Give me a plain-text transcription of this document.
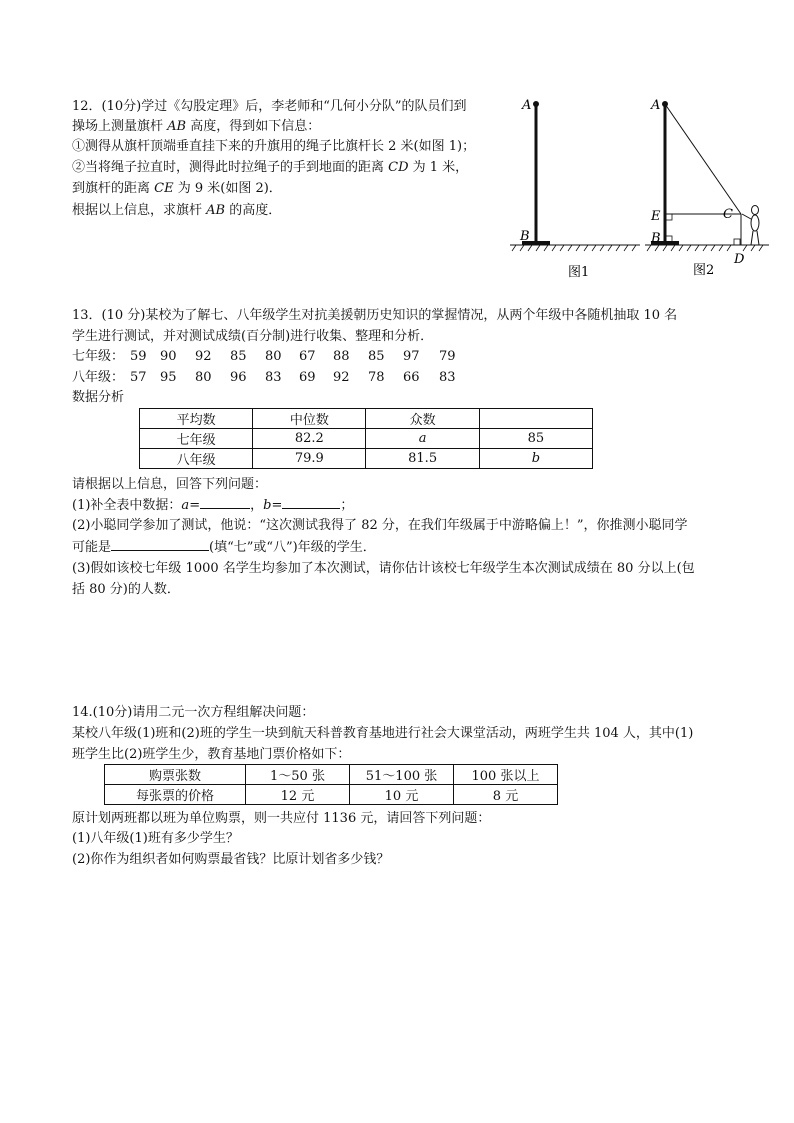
12．(10分)学过《勾股定理》后，李老师和“几何小分队”的队员们到
操场上测量旗杆 AB 高度，得到如下信息：
①测得从旗杆顶端垂直挂下来的升旗用的绳子比旗杆长 2 米(如图 1)；
②当将绳子拉直时，测得此时拉绳子的手到地面的距离 CD 为 1 米，
到旗杆的距离 CE 为 9 米(如图 2)．
根据以上信息，求旗杆 AB 的高度．
A
B
图1
A
E
B
C
D
图2
13．(10 分)某校为了解七、八年级学生对抗美援朝历史知识的掌握情况，从两个年级中各随机抽取 10 名
学生进行测试，并对测试成绩(百分制)进行收集、整理和分析．
七年级： 59 90 92 85 80 67 88 85 97 79
八年级： 57 95 80 96 83 69 92 78 66 83
数据分析
平均数	中位数	众数	
七年级	82.2	a	85
八年级	79.9	81.5	b
请根据以上信息，回答下列问题：
(1)补全表中数据：a=	，b=	；
(2)小聪同学参加了测试，他说：“这次测试我得了 82 分，在我们年级属于中游略偏上！”，你推测小聪同学
可能是	(填“七”或“八”)年级的学生．
(3)假如该校七年级 1000 名学生均参加了本次测试，请你估计该校七年级学生本次测试成绩在 80 分以上(包
括 80 分)的人数．
14.(10分)请用二元一次方程组解决问题：
某校八年级(1)班和(2)班的学生一块到航天科普教育基地进行社会大课堂活动，两班学生共 104 人，其中(1)
班学生比(2)班学生少，教育基地门票价格如下：
购票张数	1～50 张	51～100 张	100 张以上
每张票的价格	12 元	10 元	8 元
原计划两班都以班为单位购票，则一共应付 1136 元，请回答下列问题：
(1)八年级(1)班有多少学生？
(2)你作为组织者如何购票最省钱？比原计划省多少钱？
